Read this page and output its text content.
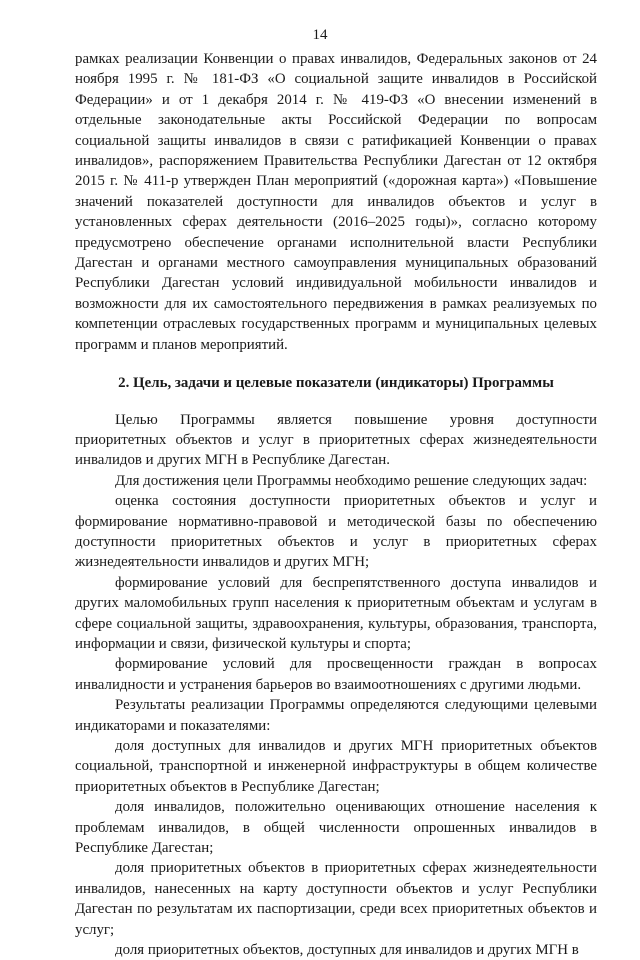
14

рамках реализации Конвенции о правах инвалидов, Федеральных законов от 24 ноября 1995 г. № 181-ФЗ «О социальной защите инвалидов в Российской Федерации» и от 1 декабря 2014 г. № 419-ФЗ «О внесении изменений в отдельные законодательные акты Российской Федерации по вопросам социальной защиты инвалидов в связи с ратификацией Конвенции о правах инвалидов», распоряжением Правительства Республики Дагестан от 12 октября 2015 г. № 411-р утвержден План мероприятий («дорожная карта») «Повышение значений показателей доступности для инвалидов объектов и услуг в установленных сферах деятельности (2016–2025 годы)», согласно которому предусмотрено обеспечение органами исполнительной власти Республики Дагестан и органами местного самоуправления муниципальных образований Республики Дагестан условий индивидуальной мобильности инвалидов и возможности для их самостоятельного передвижения в рамках реализуемых по компетенции отраслевых государственных программ и муниципальных целевых программ и планов мероприятий.

2. Цель, задачи и целевые показатели (индикаторы) Программы

Целью Программы является повышение уровня доступности приоритетных объектов и услуг в приоритетных сферах жизнедеятельности инвалидов и других МГН в Республике Дагестан.

Для достижения цели Программы необходимо решение следующих задач:

оценка состояния доступности приоритетных объектов и услуг и формирование нормативно-правовой и методической базы по обеспечению доступности приоритетных объектов и услуг в приоритетных сферах жизнедеятельности инвалидов и других МГН;

формирование условий для беспрепятственного доступа инвалидов и других маломобильных групп населения к приоритетным объектам и услугам в сфере социальной защиты, здравоохранения, культуры, образования, транспорта, информации и связи, физической культуры и спорта;

формирование условий для просвещенности граждан в вопросах инвалидности и устранения барьеров во взаимоотношениях с другими людьми.

Результаты реализации Программы определяются следующими целевыми индикаторами и показателями:

доля доступных для инвалидов и других МГН приоритетных объектов социальной, транспортной и инженерной инфраструктуры в общем количестве приоритетных объектов в Республике Дагестан;

доля инвалидов, положительно оценивающих отношение населения к проблемам инвалидов, в общей численности опрошенных инвалидов в Республике Дагестан;

доля приоритетных объектов в приоритетных сферах жизнедеятельности инвалидов, нанесенных на карту доступности объектов и услуг Республики Дагестан по результатам их паспортизации, среди всех приоритетных объектов и услуг;

доля приоритетных объектов, доступных для инвалидов и других МГН в
